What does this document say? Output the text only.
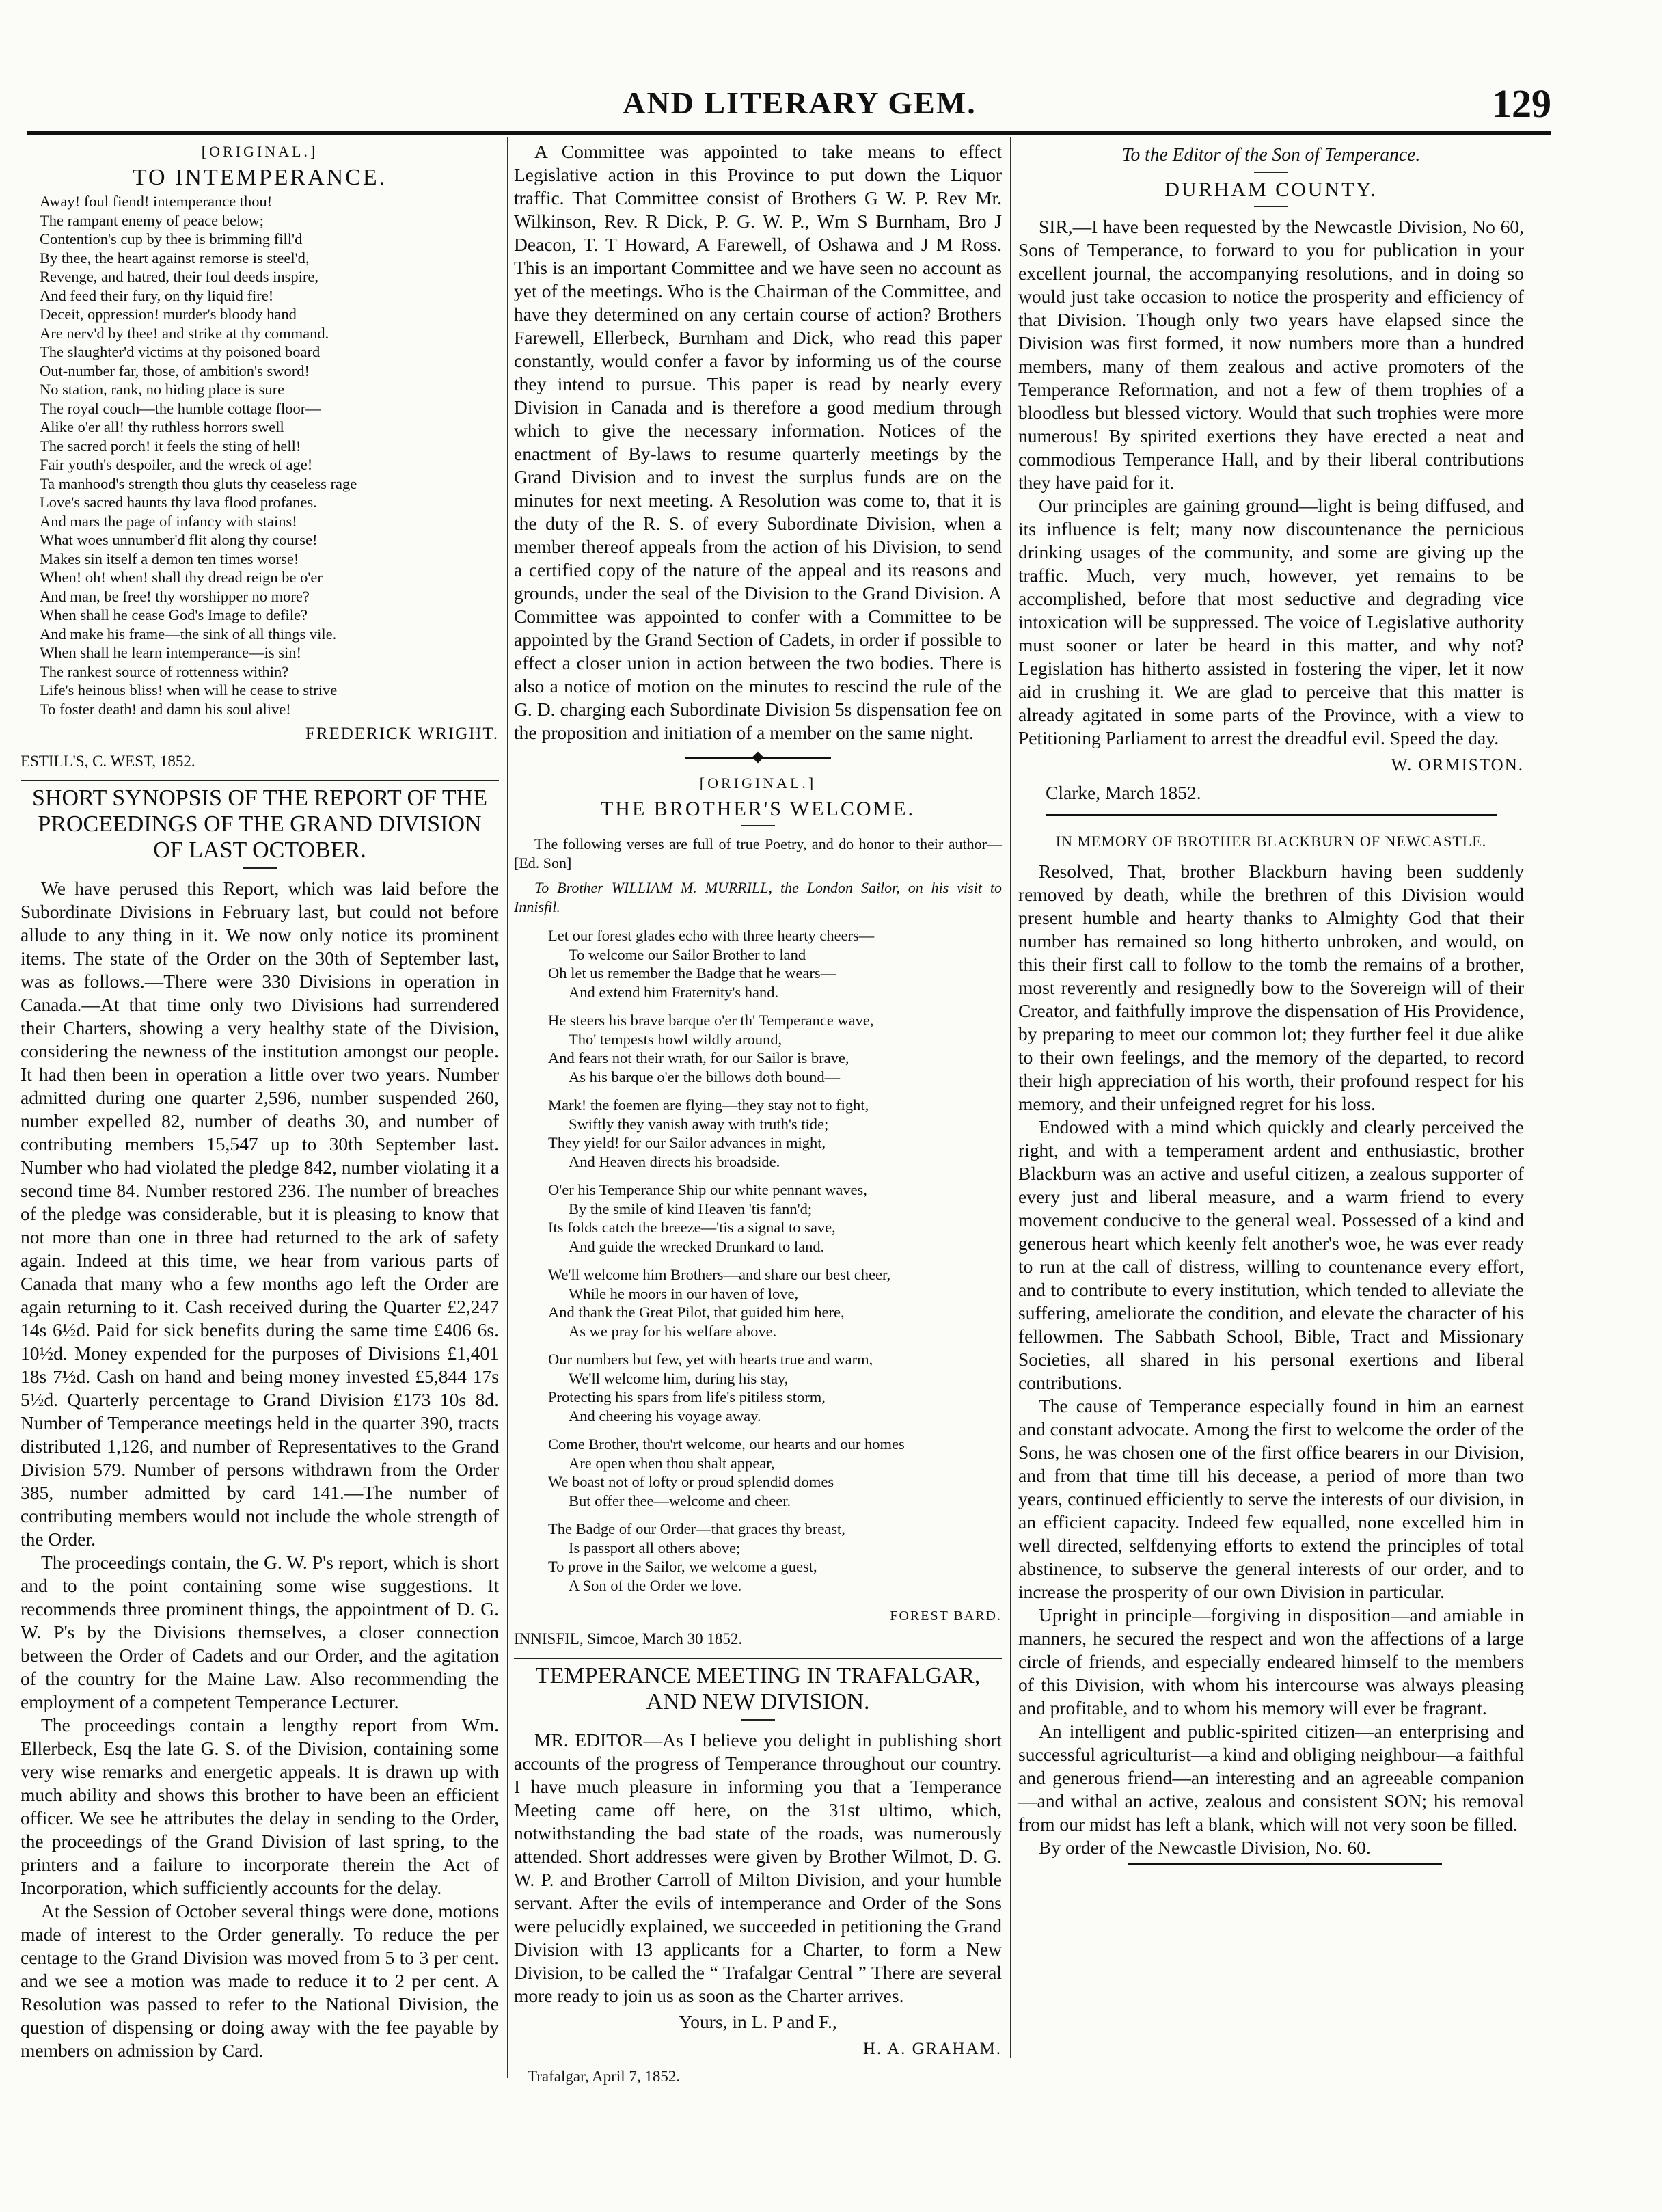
AND LITERARY GEM.	129
[ORIGINAL.]
TO INTEMPERANCE.
Away! foul fiend! intemperance thou!
The rampant enemy of peace below;
Contention's cup by thee is brimming fill'd
By thee, the heart against remorse is steel'd,
Revenge, and hatred, their foul deeds inspire,
And feed their fury, on thy liquid fire!
Deceit, oppression! murder's bloody hand
Are nerv'd by thee! and strike at thy command.
The slaughter'd victims at thy poisoned board
Out-number far, those, of ambition's sword!
No station, rank, no hiding place is sure
The royal couch—the humble cottage floor—
Alike o'er all! thy ruthless horrors swell
The sacred porch! it feels the sting of hell!
Fair youth's despoiler, and the wreck of age!
Ta manhood's strength thou gluts thy ceaseless rage
Love's sacred haunts thy lava flood profanes.
And mars the page of infancy with stains!
What woes unnumber'd flit along thy course!
Makes sin itself a demon ten times worse!
When! oh! when! shall thy dread reign be o'er
And man, be free! thy worshipper no more?
When shall he cease God's Image to defile?
And make his frame—the sink of all things vile.
When shall he learn intemperance—is sin!
The rankest source of rottenness within?
Life's heinous bliss! when will he cease to strive
To foster death! and damn his soul alive!
FREDERICK WRIGHT.

ESTILL'S, C. WEST, 1852.

SHORT SYNOPSIS OF THE REPORT OF THE PROCEEDINGS OF THE GRAND DIVISION OF LAST OCTOBER.

We have perused this Report, which was laid before the Subordinate Divisions in February last, but could not before allude to any thing in it. We now only notice its prominent items. The state of the Order on the 30th of September last, was as follows.—There were 330 Divisions in operation in Canada.—At that time only two Divisions had surrendered their Charters, showing a very healthy state of the Division, considering the newness of the institution amongst our people. It had then been in operation a little over two years. Number admitted during one quarter 2,596, number suspended 260, number expelled 82, number of deaths 30, and number of contributing members 15,547 up to 30th September last. Number who had violated the pledge 842, number violating it a second time 84. Number restored 236. The number of breaches of the pledge was considerable, but it is pleasing to know that not more than one in three had returned to the ark of safety again. Indeed at this time, we hear from various parts of Canada that many who a few months ago left the Order are again returning to it. Cash received during the Quarter £2,247 14s 6½d. Paid for sick benefits during the same time £406 6s. 10½d. Money expended for the purposes of Divisions £1,401 18s 7½d. Cash on hand and being money invested £5,844 17s 5½d. Quarterly percentage to Grand Division £173 10s 8d. Number of Temperance meetings held in the quarter 390, tracts distributed 1,126, and number of Representatives to the Grand Division 579. Number of persons withdrawn from the Order 385, number admitted by card 141.—The number of contributing members would not include the whole strength of the Order.

The proceedings contain, the G. W. P's report, which is short and to the point containing some wise suggestions. It recommends three prominent things, the appointment of D. G. W. P's by the Divisions themselves, a closer connection between the Order of Cadets and our Order, and the agitation of the country for the Maine Law. Also recommending the employment of a competent Temperance Lecturer.

The proceedings contain a lengthy report from Wm. Ellerbeck, Esq the late G. S. of the Division, containing some very wise remarks and energetic appeals. It is drawn up with much ability and shows this brother to have been an efficient officer. We see he attributes the delay in sending to the Order, the proceedings of the Grand Division of last spring, to the printers and a failure to incorporate therein the Act of Incorporation, which sufficiently accounts for the delay.

At the Session of October several things were done, motions made of interest to the Order generally. To reduce the per centage to the Grand Division was moved from 5 to 3 per cent. and we see a motion was made to reduce it to 2 per cent. A Resolution was passed to refer to the National Division, the question of dispensing or doing away with the fee payable by members on admission by Card.

A Committee was appointed to take means to effect Legislative action in this Province to put down the Liquor traffic. That Committee consist of Brothers G W. P. Rev Mr. Wilkinson, Rev. R Dick, P. G. W. P., Wm S Burnham, Bro J Deacon, T. T Howard, A Farewell, of Oshawa and J M Ross. This is an important Committee and we have seen no account as yet of the meetings. Who is the Chairman of the Committee, and have they determined on any certain course of action? Brothers Farewell, Ellerbeck, Burnham and Dick, who read this paper constantly, would confer a favor by informing us of the course they intend to pursue. This paper is read by nearly every Division in Canada and is therefore a good medium through which to give the necessary information. Notices of the enactment of By-laws to resume quarterly meetings by the Grand Division and to invest the surplus funds are on the minutes for next meeting. A Resolution was come to, that it is the duty of the R. S. of every Subordinate Division, when a member thereof appeals from the action of his Division, to send a certified copy of the nature of the appeal and its reasons and grounds, under the seal of the Division to the Grand Division. A Committee was appointed to confer with a Committee to be appointed by the Grand Section of Cadets, in order if possible to effect a closer union in action between the two bodies. There is also a notice of motion on the minutes to rescind the rule of the G. D. charging each Subordinate Division 5s dispensation fee on the proposition and initiation of a member on the same night.

[ORIGINAL.]
THE BROTHER'S WELCOME.

The following verses are full of true Poetry, and do honor to their author—[Ed. Son]

To Brother WILLIAM M. MURRILL, the London Sailor, on his visit to Innisfil.

Let our forest glades echo with three hearty cheers—
To welcome our Sailor Brother to land
Oh let us remember the Badge that he wears—
And extend him Fraternity's hand.
He steers his brave barque o'er th' Temperance wave,
Tho' tempests howl wildly around,
And fears not their wrath, for our Sailor is brave,
As his barque o'er the billows doth bound—
Mark! the foemen are flying—they stay not to fight,
Swiftly they vanish away with truth's tide;
They yield! for our Sailor advances in might,
And Heaven directs his broadside.
O'er his Temperance Ship our white pennant waves,
By the smile of kind Heaven 'tis fann'd;
Its folds catch the breeze—'tis a signal to save,
And guide the wrecked Drunkard to land.
We'll welcome him Brothers—and share our best cheer,
While he moors in our haven of love,
And thank the Great Pilot, that guided him here,
As we pray for his welfare above.
Our numbers but few, yet with hearts true and warm,
We'll welcome him, during his stay,
Protecting his spars from life's pitiless storm,
And cheering his voyage away.
Come Brother, thou'rt welcome, our hearts and our homes
Are open when thou shalt appear,
We boast not of lofty or proud splendid domes
But offer thee—welcome and cheer.
The Badge of our Order—that graces thy breast,
Is passport all others above;
To prove in the Sailor, we welcome a guest,
A Son of the Order we love.
FOREST BARD.

INNISFIL, Simcoe, March 30 1852.

TEMPERANCE MEETING IN TRAFALGAR, AND NEW DIVISION.

MR. EDITOR—As I believe you delight in publishing short accounts of the progress of Temperance throughout our country. I have much pleasure in informing you that a Temperance Meeting came off here, on the 31st ultimo, which, notwithstanding the bad state of the roads, was numerously attended. Short addresses were given by Brother Wilmot, D. G. W. P. and Brother Carroll of Milton Division, and your humble servant. After the evils of intemperance and Order of the Sons were pelucidly explained, we succeeded in petitioning the Grand Division with 13 applicants for a Charter, to form a New Division, to be called the “ Trafalgar Central ” There are several more ready to join us as soon as the Charter arrives.

Yours, in L. P and F.,

H. A. GRAHAM.

Trafalgar, April 7, 1852.

To the Editor of the Son of Temperance.

DURHAM COUNTY.

SIR,—I have been requested by the Newcastle Division, No 60, Sons of Temperance, to forward to you for publication in your excellent journal, the accompanying resolutions, and in doing so would just take occasion to notice the prosperity and efficiency of that Division. Though only two years have elapsed since the Division was first formed, it now numbers more than a hundred members, many of them zealous and active promoters of the Temperance Reformation, and not a few of them trophies of a bloodless but blessed victory. Would that such trophies were more numerous! By spirited exertions they have erected a neat and commodious Temperance Hall, and by their liberal contributions they have paid for it.

Our principles are gaining ground—light is being diffused, and its influence is felt; many now discountenance the pernicious drinking usages of the community, and some are giving up the traffic. Much, very much, however, yet remains to be accomplished, before that most seductive and degrading vice intoxication will be suppressed. The voice of Legislative authority must sooner or later be heard in this matter, and why not? Legislation has hitherto assisted in fostering the viper, let it now aid in crushing it. We are glad to perceive that this matter is already agitated in some parts of the Province, with a view to Petitioning Parliament to arrest the dreadful evil. Speed the day.

W. ORMISTON.

Clarke, March 1852.

IN MEMORY OF BROTHER BLACKBURN OF NEWCASTLE.

Resolved, That, brother Blackburn having been suddenly removed by death, while the brethren of this Division would present humble and hearty thanks to Almighty God that their number has remained so long hitherto unbroken, and would, on this their first call to follow to the tomb the remains of a brother, most reverently and resignedly bow to the Sovereign will of their Creator, and faithfully improve the dispensation of His Providence, by preparing to meet our common lot; they further feel it due alike to their own feelings, and the memory of the departed, to record their high appreciation of his worth, their profound respect for his memory, and their unfeigned regret for his loss.

Endowed with a mind which quickly and clearly perceived the right, and with a temperament ardent and enthusiastic, brother Blackburn was an active and useful citizen, a zealous supporter of every just and liberal measure, and a warm friend to every movement conducive to the general weal. Possessed of a kind and generous heart which keenly felt another's woe, he was ever ready to run at the call of distress, willing to countenance every effort, and to contribute to every institution, which tended to alleviate the suffering, ameliorate the condition, and elevate the character of his fellowmen. The Sabbath School, Bible, Tract and Missionary Societies, all shared in his personal exertions and liberal contributions.

The cause of Temperance especially found in him an earnest and constant advocate. Among the first to welcome the order of the Sons, he was chosen one of the first office bearers in our Division, and from that time till his decease, a period of more than two years, continued efficiently to serve the interests of our division, in an efficient capacity. Indeed few equalled, none excelled him in well directed, selfdenying efforts to extend the principles of total abstinence, to subserve the general interests of our order, and to increase the prosperity of our own Division in particular.

Upright in principle—forgiving in disposition—and amiable in manners, he secured the respect and won the affections of a large circle of friends, and especially endeared himself to the members of this Division, with whom his intercourse was always pleasing and profitable, and to whom his memory will ever be fragrant.

An intelligent and public-spirited citizen—an enterprising and successful agriculturist—a kind and obliging neighbour—a faithful and generous friend—an interesting and an agreeable companion—and withal an active, zealous and consistent SON; his removal from our midst has left a blank, which will not very soon be filled.

By order of the Newcastle Division, No. 60.
